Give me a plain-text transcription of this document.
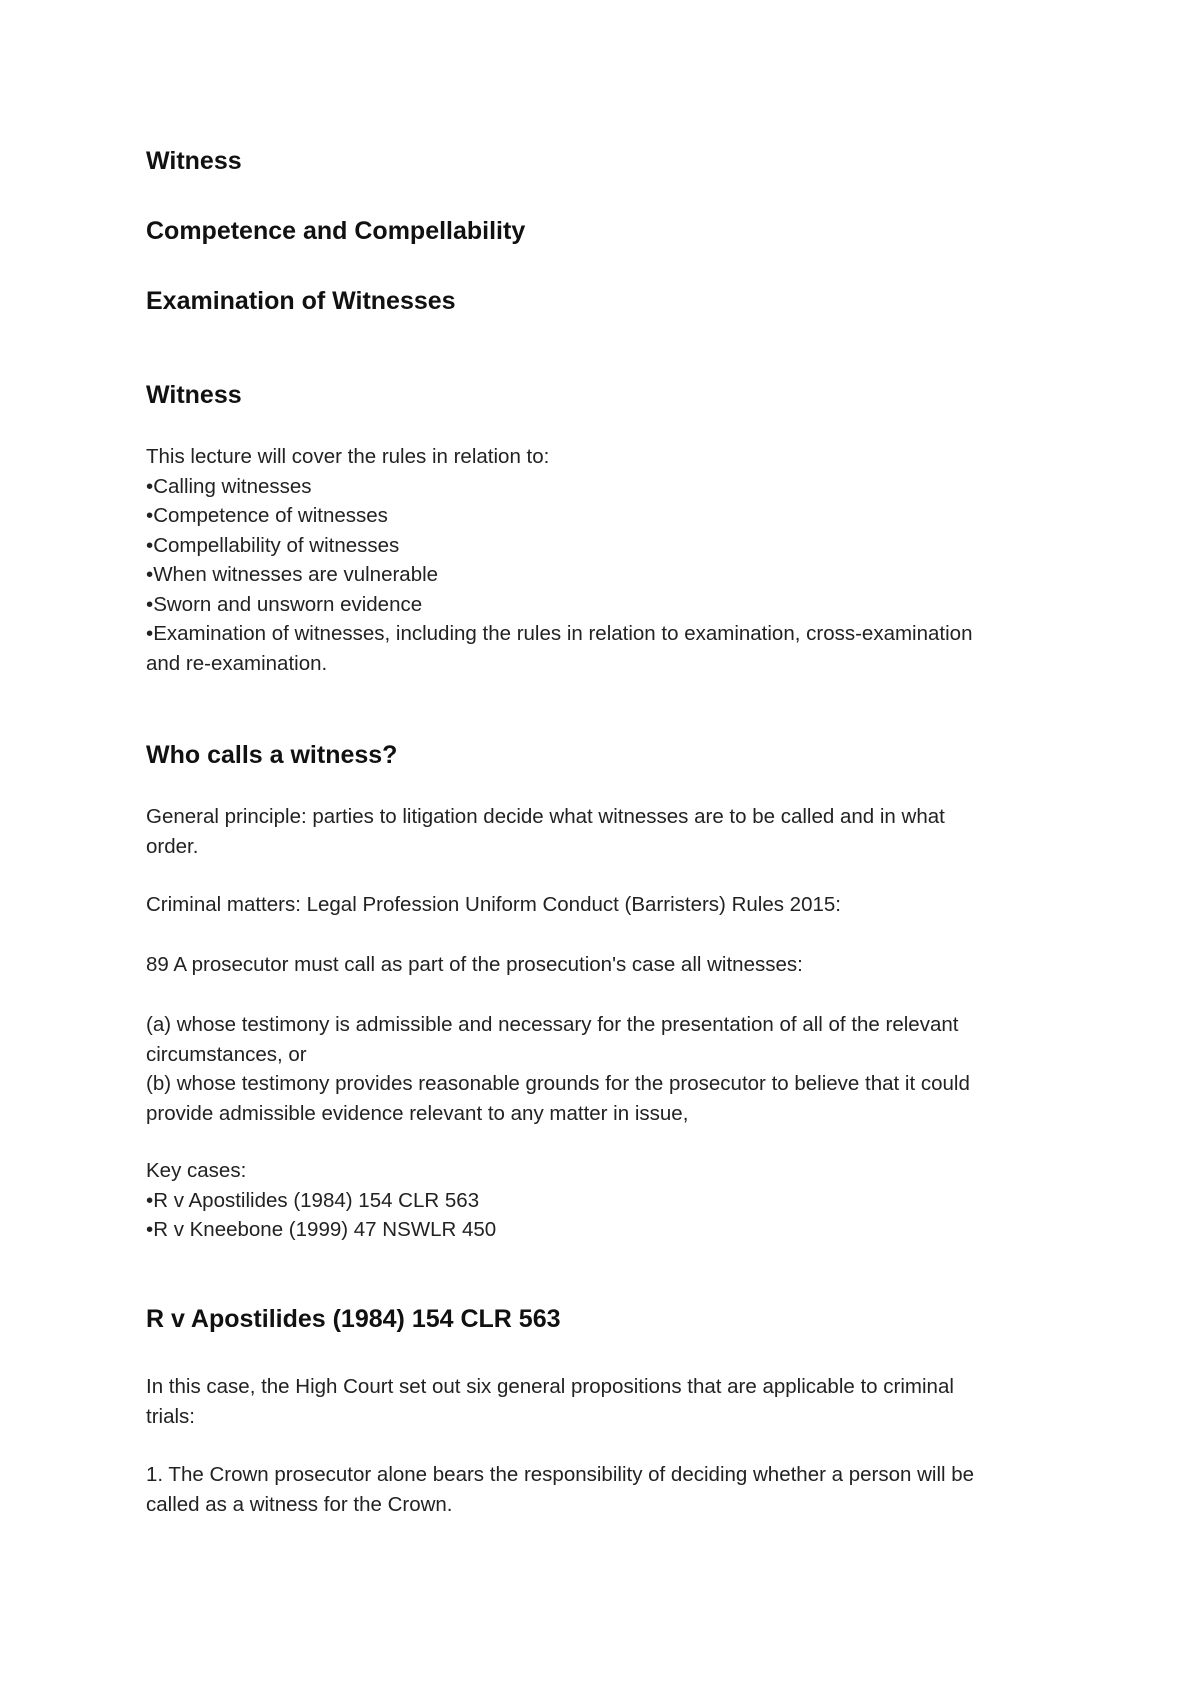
Witness
Competence and Compellability
Examination of Witnesses
Witness
This lecture will cover the rules in relation to:
• Calling witnesses
• Competence of witnesses
• Compellability of witnesses
• When witnesses are vulnerable
• Sworn and unsworn evidence
• Examination of witnesses, including the rules in relation to examination, cross-examination
and re-examination.
Who calls a witness?
General principle: parties to litigation decide what witnesses are to be called and in what
order.
Criminal matters: Legal Profession Uniform Conduct (Barristers) Rules 2015:
89 A prosecutor must call as part of the prosecution's case all witnesses:
(a) whose testimony is admissible and necessary for the presentation of all of the relevant
circumstances, or
(b) whose testimony provides reasonable grounds for the prosecutor to believe that it could
provide admissible evidence relevant to any matter in issue,
Key cases:
• R v Apostilides (1984) 154 CLR 563
• R v Kneebone (1999) 47 NSWLR 450
R v Apostilides (1984) 154 CLR 563
In this case, the High Court set out six general propositions that are applicable to criminal
trials:
1. The Crown prosecutor alone bears the responsibility of deciding whether a person will be
called as a witness for the Crown.
